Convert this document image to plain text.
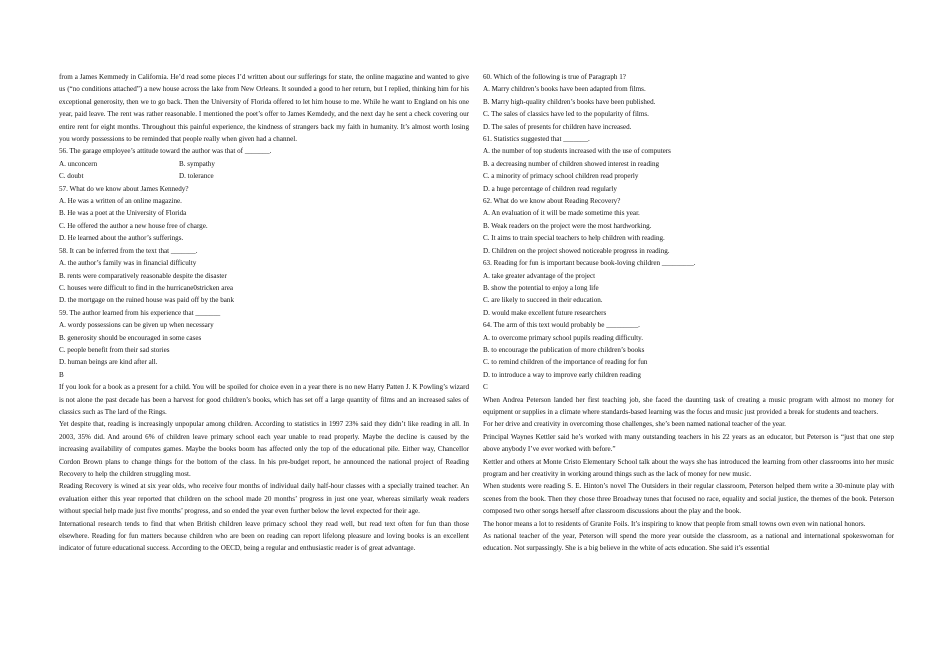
from a James Kemmedy in California. He’d read some pieces I’d written about our sufferings for state, the online magazine and wanted to give us (“no conditions attached”) a new house across the lake from New Orleans. It sounded a good to her return, but I replied, thinking him for his exceptional generosity, then we to go back. Then the University of Florida offered to let him house to me. While he want to England on his one year, paid leave. The rent was rather reasonable. I mentioned the poet’s offer to James Kemdedy, and the next day he sent a check covering our entire rent for eight months. Throughout this painful experience, the kindness of strangers back my faith in humanity. It’s almost worth losing you wordy possessions to be reminded that people really when given had a channel.

56. The garage employee’s attitude toward the author was that of _______.

A. unconcern	B. sympathy
C. doubt	D. tolerance

57. What do we know about James Kennedy?

A. He was a written of an online magazine.

B. He was a poet at the University of Florida

C. He offered the author a new house free of charge.

D. He learned about the author’s sufferings.

58. It can be inferred from the text that _______.

A. the author’s family was in financial difficulty

B. rents were comparatively reasonable despite the disaster

C. houses were difficult to find in the hurricane0stricken area

D. the mortgage on the ruined house was paid off by the bank

59. The author learned from his experience that _______

A. wordy possessions can be given up when necessary

B. generosity should be encouraged in some cases

C. people benefit from their sad stories

D. human beings are kind after all.

B

If you look for a book as a present for a child. You will be spoiled for choice even in a year there is no new Harry Patten J. K Powling’s wizard is not alone the past decade has been a harvest for good children’s books, which has set off a large quantity of films and an increased sales of classics such as The lard of the Rings.

Yet despite that, reading is increasingly unpopular among children. According to statistics in 1997 23% said they didn’t like reading in all. In 2003, 35% did. And around 6% of children leave primary school each year unable to read properly. Maybe the decline is caused by the increasing availability of computes games. Maybe the books boom has affected only the top of the educational pile. Either way, Chancellor Cordon Brown plans to change things for the bottom of the class. In his pre-budget report, he announced the national project of Reading Recovery to help the children struggling most.

Reading Recovery is wined at six year olds, who receive four months of individual daily half-hour classes with a specially trained teacher. An evaluation either this year reported that children on the school made 20 months’ progress in just one year, whereas similarly weak readers without special help made just five months’ progress, and so ended the year even further below the level expected for their age.

International research tends to find that when British children leave primacy school they read well, but read text often for fun than those elsewhere. Reading for fun matters because children who are been on reading can report lifelong pleasure and loving books is an excellent indicator of future educational success. According to the OECD, being a regular and enthusiastic reader is of great advantage.

60. Which of the following is true of Paragraph 1?

A. Marry children’s books have been adapted from films.

B. Marry high-quality children’s books have been published.

C. The sales of classics have led to the popularity of films.

D. The sales of presents for children have increased.

61. Statistics suggested that _______.

A. the number of top students increased with the use of computers

B. a decreasing number of children showed interest in reading

C. a minority of primacy school children read properly

D. a huge percentage of children read regularly

62. What do we know about Reading Recovery?

A. An evaluation of it will be made sometime this year.

B. Weak readers on the project were the most hardworking.

C. It aims to train special teachers to help children with reading.

D. Children on the project showed noticeable progress in reading.

63. Reading for fun is important because book-loving children _________.

A. take greater advantage of the project

B. show the potential to enjoy a long life

C. are likely to succeed in their education.

D. would make excellent future researchers

64. The arm of this text would probably be _________.

A. to overcome primary school pupils reading difficulty.

B. to encourage the publication of more children’s books

C. to remind children of the importance of reading for fun

D. to introduce a way to improve early children reading

C

When Andrea Peterson landed her first teaching job, she faced the daunting task of creating a music program with almost no money for equipment or supplies in a climate where standards-based learning was the focus and music just provided a break for students and teachers.

For her drive and creativity in overcoming those challenges, she’s been named national teacher of the year.

Principal Waynes Kettler said he’s worked with many outstanding teachers in his 22 years as an educator, but Peterson is “just that one step above anybody I’ve ever worked with before.”

Kettler and others at Monte Cristo Elementary School talk about the ways she has introduced the learning from other classrooms into her music program and her creativity in working around things such as the lack of money for new music.

When students were reading S. E. Hinton’s novel The Outsiders in their regular classroom, Peterson helped them write a 30-minute play with scenes from the book. Then they chose three Broadway tunes that focused no race, equality and social justice, the themes of the book. Peterson composed two other songs herself after classroom discussions about the play and the book.

The honor means a lot to residents of Granite Foils. It’s inspiring to know that people from small towns own even win national honors.

As national teacher of the year, Peterson will spend the more year outside the classroom, as a national and international spokeswoman for education. Not surpassingly. She is a big believe in the white of acts education. She said it’s essential
